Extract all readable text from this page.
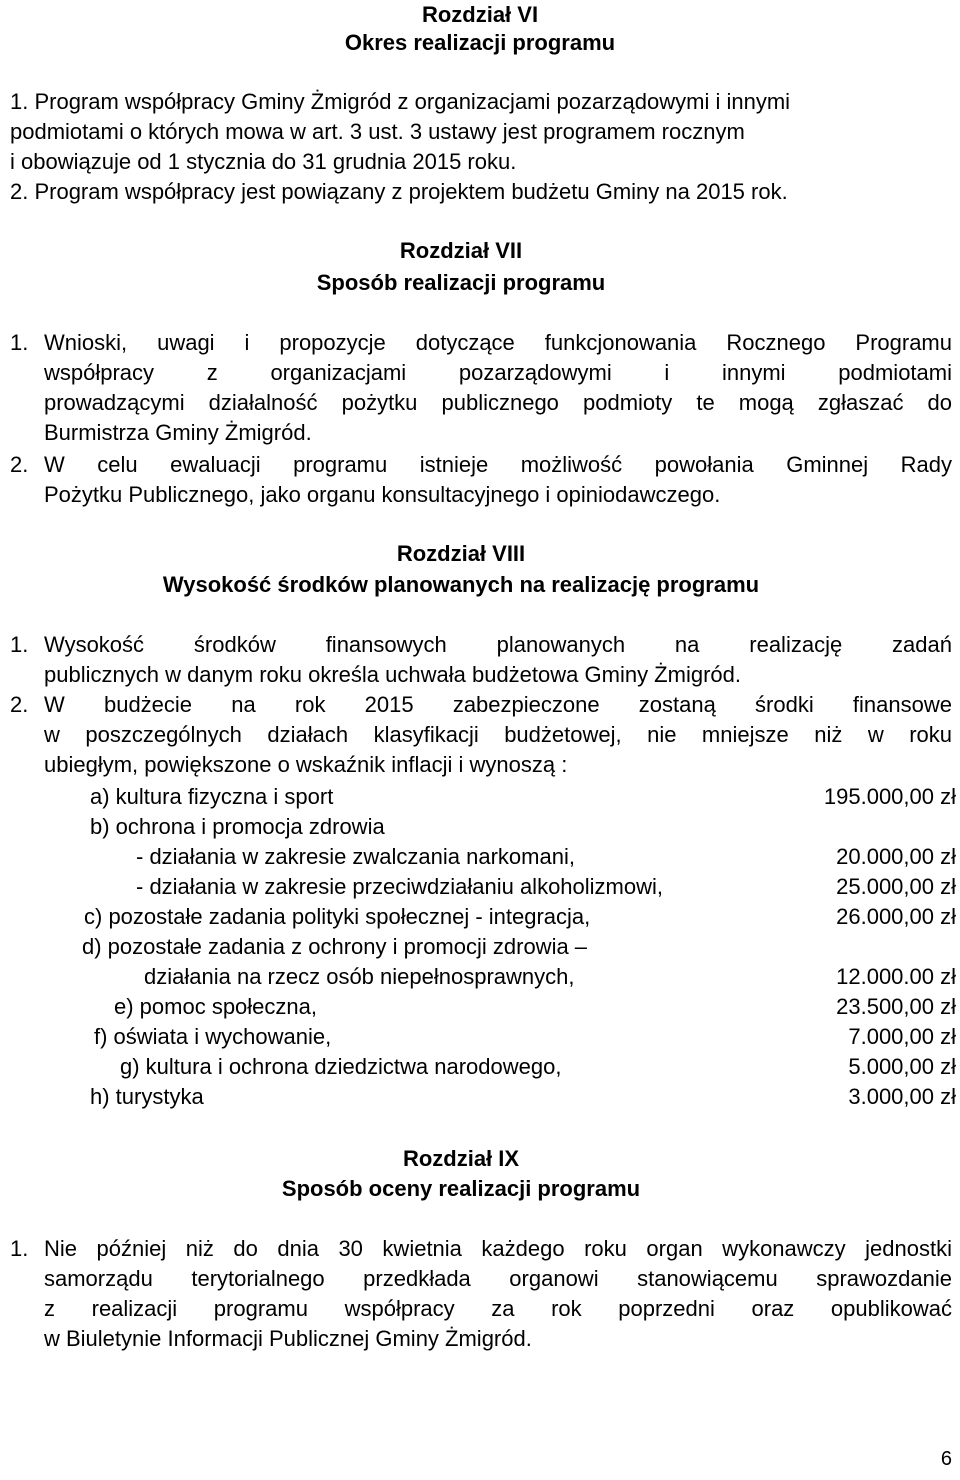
Rozdział VI
Okres realizacji programu
1. Program współpracy Gminy Żmigród z organizacjami pozarządowymi i innymi
podmiotami o których mowa w art. 3 ust. 3 ustawy jest programem rocznym
i obowiązuje od 1 stycznia do 31 grudnia 2015 roku.
2. Program współpracy jest powiązany z projektem budżetu Gminy na 2015 rok.
Rozdział VII
Sposób realizacji programu
1. Wnioski, uwagi i propozycje dotyczące funkcjonowania Rocznego Programu
współpracy z organizacjami pozarządowymi i innymi podmiotami
prowadzącymi działalność pożytku publicznego podmioty te mogą zgłaszać do
Burmistrza Gminy Żmigród.
2. W celu ewaluacji programu istnieje możliwość powołania Gminnej Rady
Pożytku Publicznego, jako organu konsultacyjnego i opiniodawczego.
Rozdział VIII
Wysokość środków planowanych na realizację programu
1. Wysokość środków finansowych planowanych na realizację zadań
publicznych w danym roku określa uchwała budżetowa Gminy Żmigród.
2. W budżecie na rok 2015 zabezpieczone zostaną środki finansowe
w poszczególnych działach klasyfikacji budżetowej, nie mniejsze niż w roku
ubiegłym, powiększone o wskaźnik inflacji i wynoszą :
a) kultura fizyczna i sport	195.000,00 zł
b) ochrona i promocja zdrowia
- działania w zakresie zwalczania narkomani,	20.000,00 zł
- działania w zakresie przeciwdziałaniu alkoholizmowi,	25.000,00 zł
c) pozostałe zadania polityki społecznej - integracja,	26.000,00 zł
d) pozostałe zadania z ochrony i promocji zdrowia –
działania na rzecz osób niepełnosprawnych,	12.000.00 zł
e) pomoc społeczna,	23.500,00 zł
f) oświata i wychowanie,	7.000,00 zł
g) kultura i ochrona dziedzictwa narodowego,	5.000,00 zł
h) turystyka	3.000,00 zł
Rozdział IX
Sposób oceny realizacji programu
1. Nie później niż do dnia 30 kwietnia każdego roku organ wykonawczy jednostki
samorządu terytorialnego przedkłada organowi stanowiącemu sprawozdanie
z realizacji programu współpracy za rok poprzedni oraz opublikować
w Biuletynie Informacji Publicznej Gminy Żmigród.
6
